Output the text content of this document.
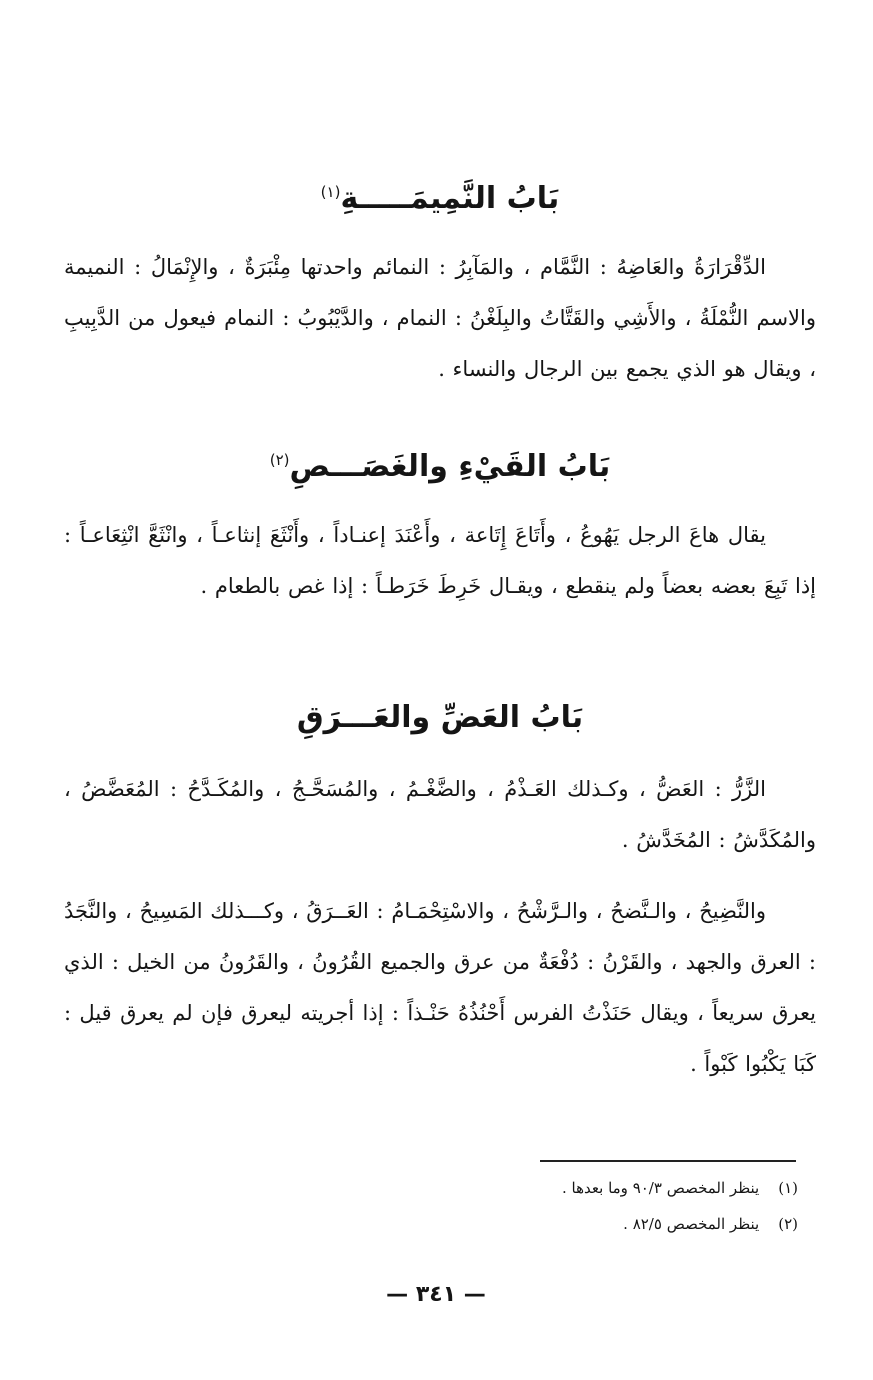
بَابُ النَّمِيمَـــــةِ$^{(١)}$
الدِّقْرَارَةُ والعَاضِهُ : النَّمَّام ، والمَآبِرُ : النمائم واحدتها مِئْبَرَةٌ ، والإِنْمَالُ : النميمة والاسم النُّمْلَةُ ، والأَشِي والقَتَّاتُ والبِلَغْنُ : النمام ، والدَّيْبُوبُ : النمام فيعول من الدَّبِيبِ ، ويقال هو الذي يجمع بين الرجال والنساء .
بَابُ القَيْءِ والغَصَـــصِ$^{(٢)}$
يقال هاعَ الرجل يَهُوعُ ، وأَتَاعَ إِتَاعة ، وأَعْنَدَ إعنـاداً ، وأَنْثَعَ إنثاعـاً ، وانْثَعَّ انْثِعَاعـاً : إذا تَبِعَ بعضه بعضاً ولم ينقطع ، ويقـال خَرِطَ خَرَطـاً : إذا غص بالطعام .
بَابُ العَضِّ والعَـــرَقِ
الزَّرُّ : العَضُّ ، وكـذلك العَـذْمُ ، والضَّغْـمُ ، والمُسَحَّـجُ ، والمُكَـدَّحُ : المُعَضَّضُ ، والمُكَدَّشُ : المُخَدَّشُ .
والنَّضِيحُ ، والـنَّضحُ ، والـرَّشْحُ ، والاسْتِحْمَـامُ : العَــرَقُ ، وكـــذلك المَسِيحُ ، والنَّجَدُ : العرق والجهد ، والقَرْنُ : دُفْعَةٌ من عرق والجميع القُرُونُ ، والقَرُونُ من الخيل : الذي يعرق سريعاً ، ويقال حَنَذْتُ الفرس أَحْنُذُهُ حَنْـذاً : إذا أجريته ليعرق فإن لم يعرق قيل : كَبَا يَكْبُوا كَبْواً .
(١) ينظر المخصص ٩٠/٣ وما بعدها .
(٢) ينظر المخصص ٨٢/٥ .
— ٣٤١ —
